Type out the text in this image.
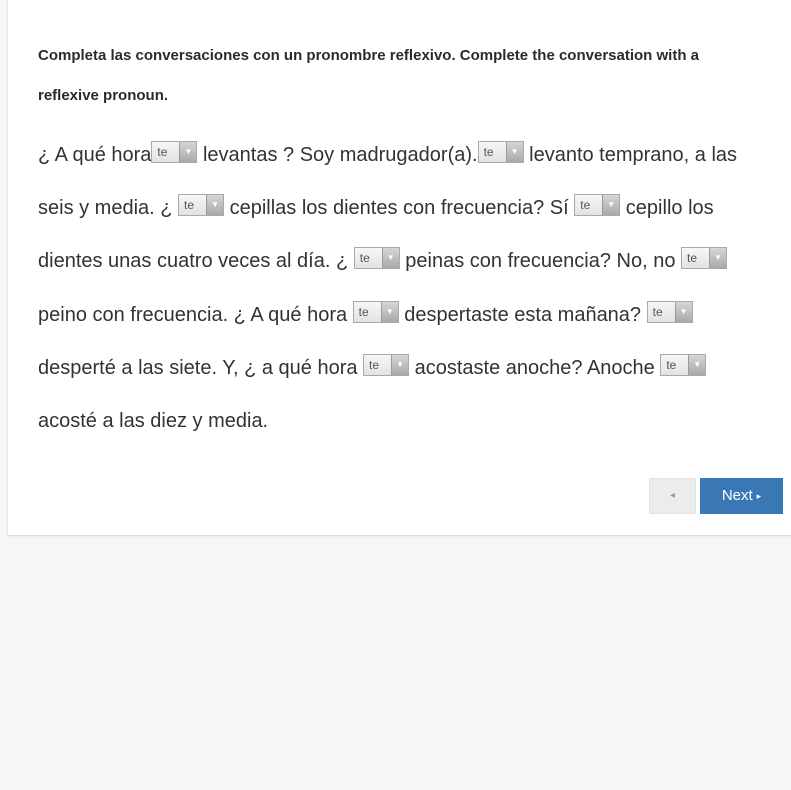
Completa las conversaciones con un pronombre reflexivo. Complete the conversation with a reflexive pronoun.
¿ A qué hora te	▼ levantas ? Soy madrugador(a). te	▼ levanto temprano, a las seis y media. ¿ te	▼ cepillas los dientes con frecuencia? Sí te	▼ cepillo los dientes unas cuatro veces al día. ¿ te	▼ peinas con frecuencia? No, no te	▼
peino con frecuencia. ¿ A qué hora te	▼ despertaste esta mañana? te	▼
desperté a las siete. Y, ¿ a qué hora te	▼ acostaste anoche? Anoche te	▼
acosté a las diez y media.
◂	Next ▸
